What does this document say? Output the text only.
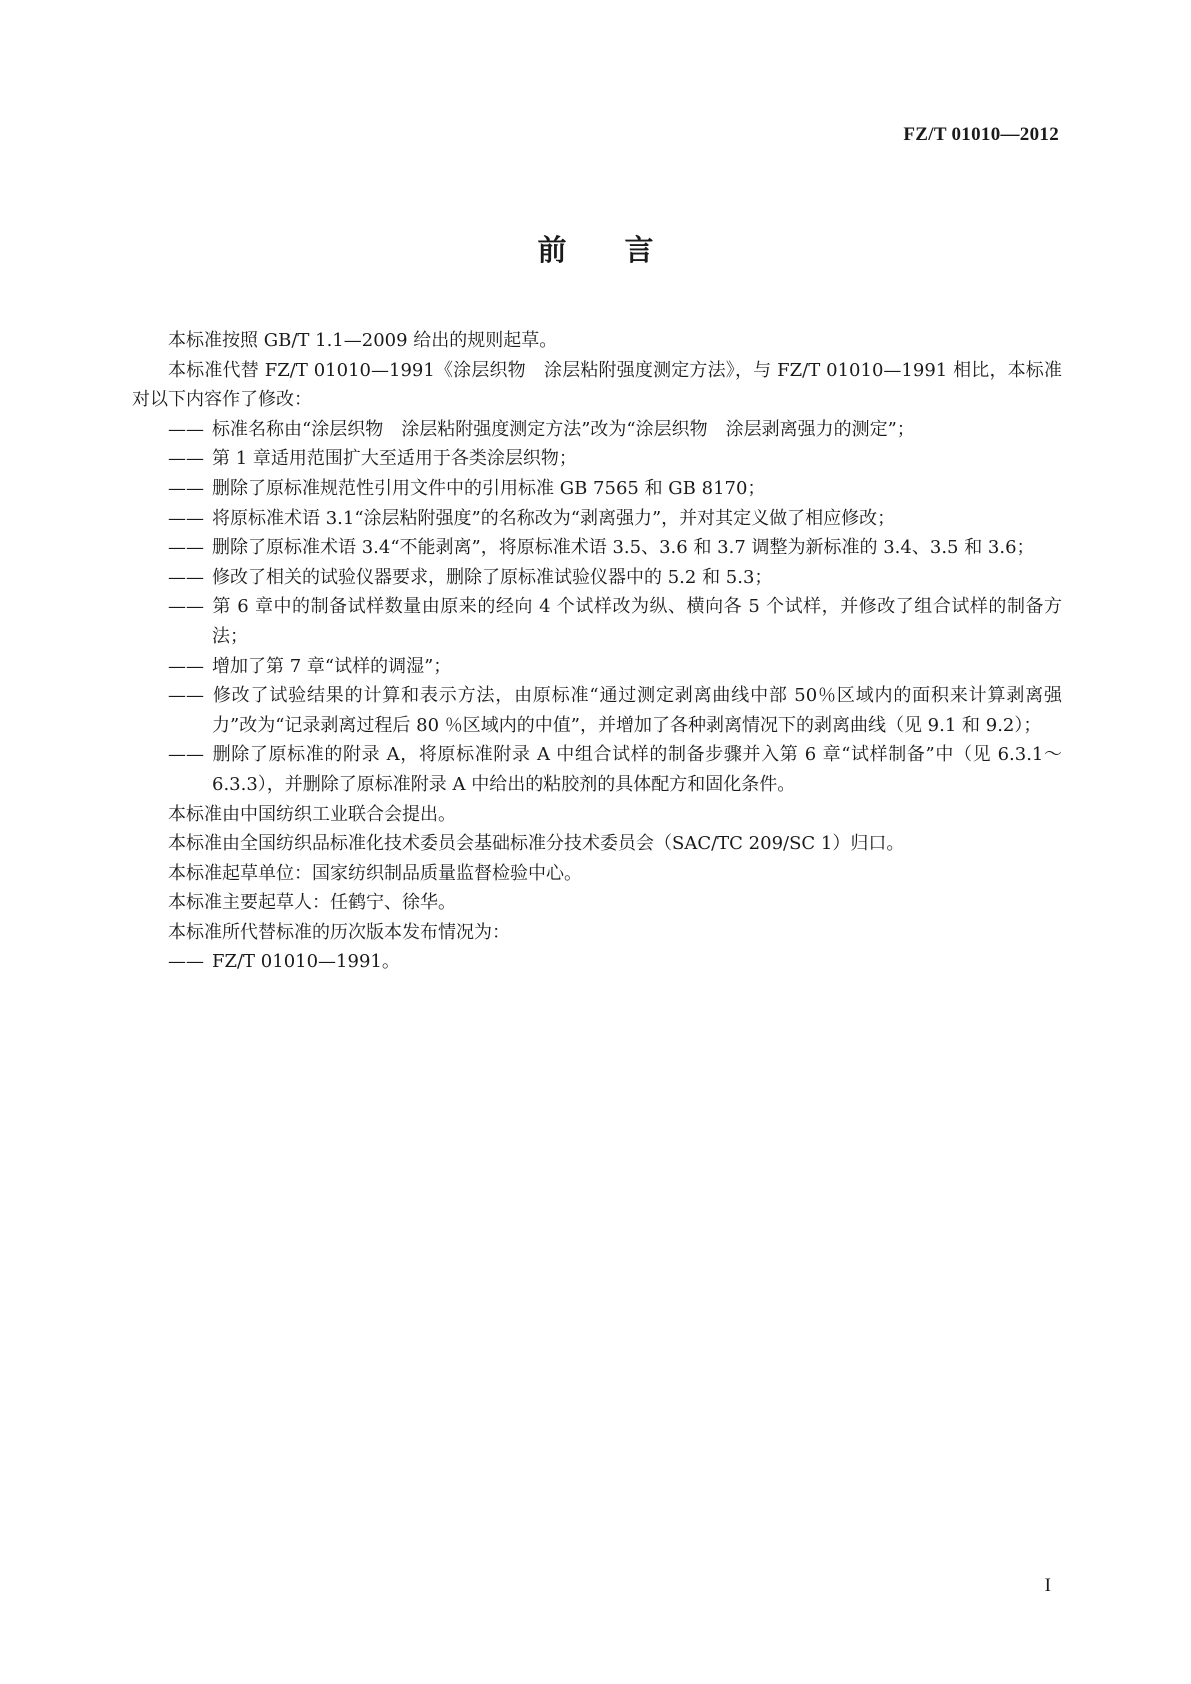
FZ/T 01010—2012
前言
本标准按照 GB/T 1.1—2009 给出的规则起草。
本标准代替 FZ/T 01010—1991《涂层织物　涂层粘附强度测定方法》，与 FZ/T 01010—1991 相比，本标准对以下内容作了修改：
—— 标准名称由“涂层织物　涂层粘附强度测定方法”改为“涂层织物　涂层剥离强力的测定”；
—— 第 1 章适用范围扩大至适用于各类涂层织物；
—— 删除了原标准规范性引用文件中的引用标准 GB 7565 和 GB 8170；
—— 将原标准术语 3.1“涂层粘附强度”的名称改为“剥离强力”，并对其定义做了相应修改；
—— 删除了原标准术语 3.4“不能剥离”，将原标准术语 3.5、3.6 和 3.7 调整为新标准的 3.4、3.5 和 3.6；
—— 修改了相关的试验仪器要求，删除了原标准试验仪器中的 5.2 和 5.3；
—— 第 6 章中的制备试样数量由原来的经向 4 个试样改为纵、横向各 5 个试样，并修改了组合试样的制备方法；
—— 增加了第 7 章“试样的调湿”；
—— 修改了试验结果的计算和表示方法，由原标准“通过测定剥离曲线中部 50％区域内的面积来计算剥离强力”改为“记录剥离过程后 80 ％区域内的中值”，并增加了各种剥离情况下的剥离曲线（见 9.1 和 9.2）；
—— 删除了原标准的附录 A，将原标准附录 A 中组合试样的制备步骤并入第 6 章“试样制备”中（见 6.3.1～6.3.3），并删除了原标准附录 A 中给出的粘胶剂的具体配方和固化条件。
本标准由中国纺织工业联合会提出。
本标准由全国纺织品标准化技术委员会基础标准分技术委员会（SAC/TC 209/SC 1）归口。
本标准起草单位：国家纺织制品质量监督检验中心。
本标准主要起草人：任鹤宁、徐华。
本标准所代替标准的历次版本发布情况为：
—— FZ/T 01010—1991。
I
